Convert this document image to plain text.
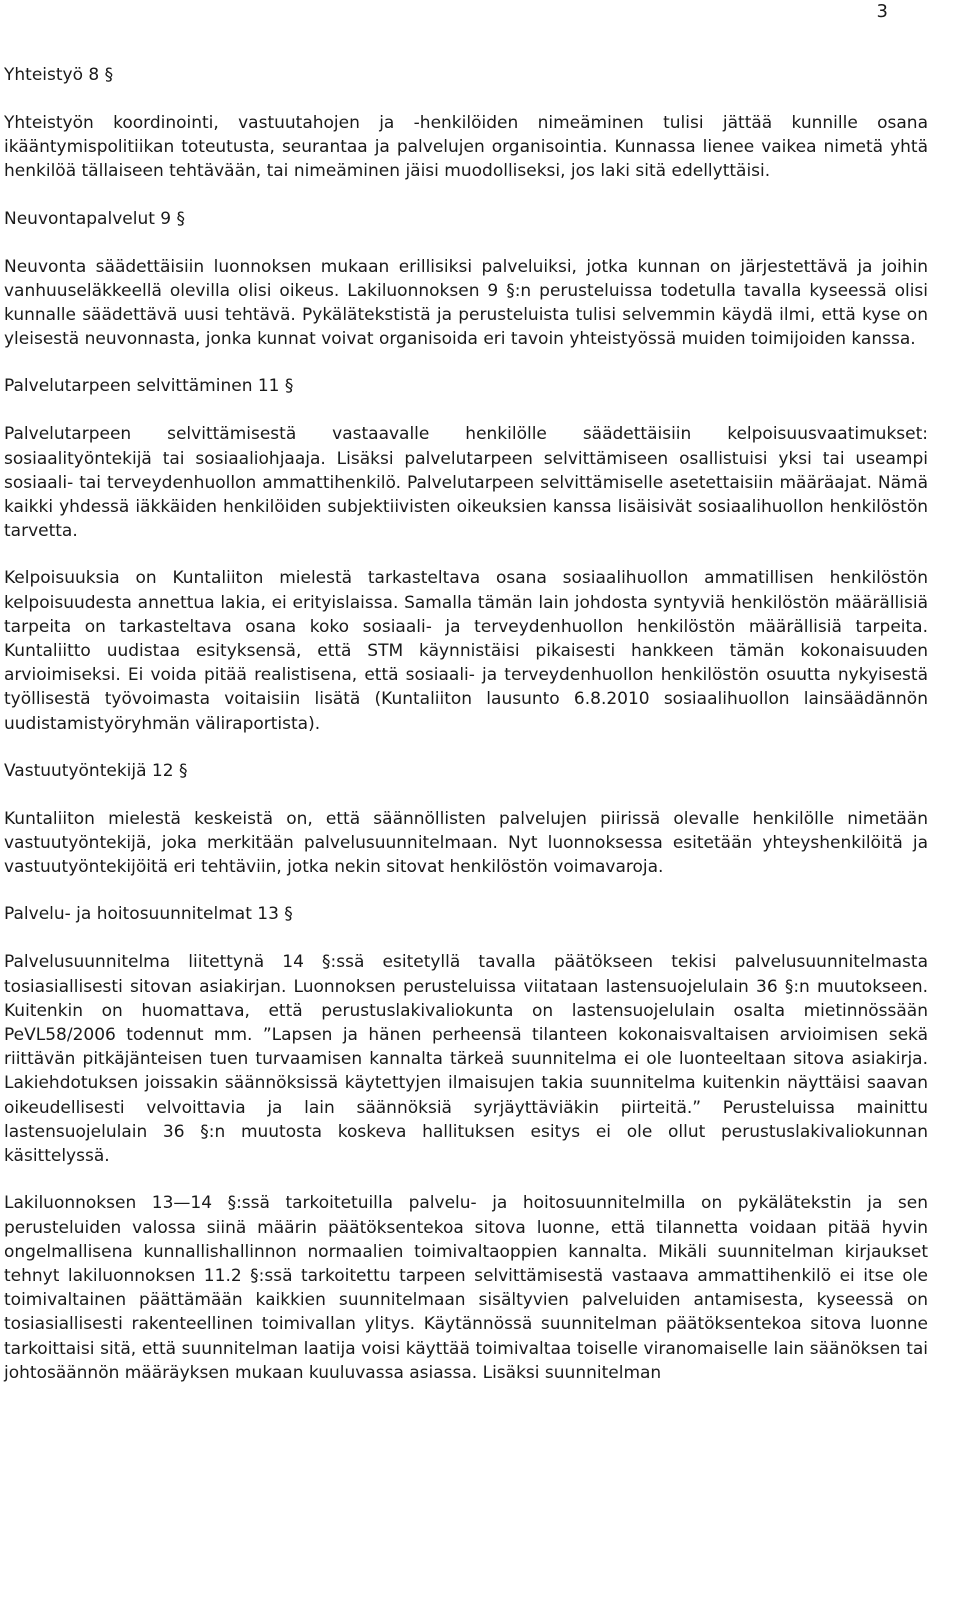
3
Yhteistyö 8 §

Yhteistyön koordinointi, vastuutahojen ja -henkilöiden nimeäminen tulisi jättää kunnille osana ikääntymispolitiikan toteutusta, seurantaa ja palvelujen organisointia. Kunnassa lienee vaikea nimetä yhtä henkilöä tällaiseen tehtävään, tai nimeäminen jäisi muodolliseksi, jos laki sitä edellyttäisi.

Neuvontapalvelut 9 §

Neuvonta säädettäisiin luonnoksen mukaan erillisiksi palveluiksi, jotka kunnan on järjestettävä ja joihin vanhuuseläkkeellä olevilla olisi oikeus. Lakiluonnoksen 9 §:n perusteluissa todetulla tavalla kyseessä olisi kunnalle säädettävä uusi tehtävä. Pykälätekstistä ja perusteluista tulisi selvemmin käydä ilmi, että kyse on yleisestä neuvonnasta, jonka kunnat voivat organisoida eri tavoin yhteistyössä muiden toimijoiden kanssa.

Palvelutarpeen selvittäminen 11 §

Palvelutarpeen selvittämisestä vastaavalle henkilölle säädettäisiin kelpoisuusvaatimukset: sosiaalityöntekijä tai sosiaaliohjaaja. Lisäksi palvelutarpeen selvittämiseen osallistuisi yksi tai useampi sosiaali- tai terveydenhuollon ammattihenkilö. Palvelutarpeen selvittämiselle asetettaisiin määräajat. Nämä kaikki yhdessä iäkkäiden henkilöiden subjektiivisten oikeuksien kanssa lisäisivät sosiaalihuollon henkilöstön tarvetta.

Kelpoisuuksia on Kuntaliiton mielestä tarkasteltava osana sosiaalihuollon ammatillisen henkilöstön kelpoisuudesta annettua lakia, ei erityislaissa. Samalla tämän lain johdosta syntyviä henkilöstön määrällisiä tarpeita on tarkasteltava osana koko sosiaali- ja terveydenhuollon henkilöstön määrällisiä tarpeita. Kuntaliitto uudistaa esityksensä, että STM käynnistäisi pikaisesti hankkeen tämän kokonaisuuden arvioimiseksi. Ei voida pitää realistisena, että sosiaali- ja terveydenhuollon henkilöstön osuutta nykyisestä työllisestä työvoimasta voitaisiin lisätä (Kuntaliiton lausunto 6.8.2010 sosiaalihuollon lainsäädännön uudistamistyöryhmän väliraportista).

Vastuutyöntekijä 12 §

Kuntaliiton mielestä keskeistä on, että säännöllisten palvelujen piirissä olevalle henkilölle nimetään vastuutyöntekijä, joka merkitään palvelusuunnitelmaan. Nyt luonnoksessa esitetään yhteyshenkilöitä ja vastuutyöntekijöitä eri tehtäviin, jotka nekin sitovat henkilöstön voimavaroja.

Palvelu- ja hoitosuunnitelmat 13 §

Palvelusuunnitelma liitettynä 14 §:ssä esitetyllä tavalla päätökseen tekisi palvelusuunnitelmasta tosiasiallisesti sitovan asiakirjan. Luonnoksen perusteluissa viitataan lastensuojelulain 36 §:n muutokseen. Kuitenkin on huomattava, että perustuslakivaliokunta on lastensuojelulain osalta mietinnössään PeVL58/2006 todennut mm. ”Lapsen ja hänen perheensä tilanteen kokonaisvaltaisen arvioimisen sekä riittävän pitkäjänteisen tuen turvaamisen kannalta tärkeä suunnitelma ei ole luonteeltaan sitova asiakirja. Lakiehdotuksen joissakin säännöksissä käytettyjen ilmaisujen takia suunnitelma kuitenkin näyttäisi saavan oikeudellisesti velvoittavia ja lain säännöksiä syrjäyttäviäkin piirteitä.” Perusteluissa mainittu lastensuojelulain 36 §:n muutosta koskeva hallituksen esitys ei ole ollut perustuslakivaliokunnan käsittelyssä.

Lakiluonnoksen 13—14 §:ssä tarkoitetuilla palvelu- ja hoitosuunnitelmilla on pykälätekstin ja sen perusteluiden valossa siinä määrin päätöksentekoa sitova luonne, että tilannetta voidaan pitää hyvin ongelmallisena kunnallishallinnon normaalien toimivaltaoppien kannalta. Mikäli suunnitelman kirjaukset tehnyt lakiluonnoksen 11.2 §:ssä tarkoitettu tarpeen selvittämisestä vastaava ammattihenkilö ei itse ole toimivaltainen päättämään kaikkien suunnitelmaan sisältyvien palveluiden antamisesta, kyseessä on tosiasiallisesti rakenteellinen toimivallan ylitys. Käytännössä suunnitelman päätöksentekoa sitova luonne tarkoittaisi sitä, että suunnitelman laatija voisi käyttää toimivaltaa toiselle viranomaiselle lain säänöksen tai johtosäännön määräyksen mukaan kuuluvassa asiassa. Lisäksi suunnitelman
